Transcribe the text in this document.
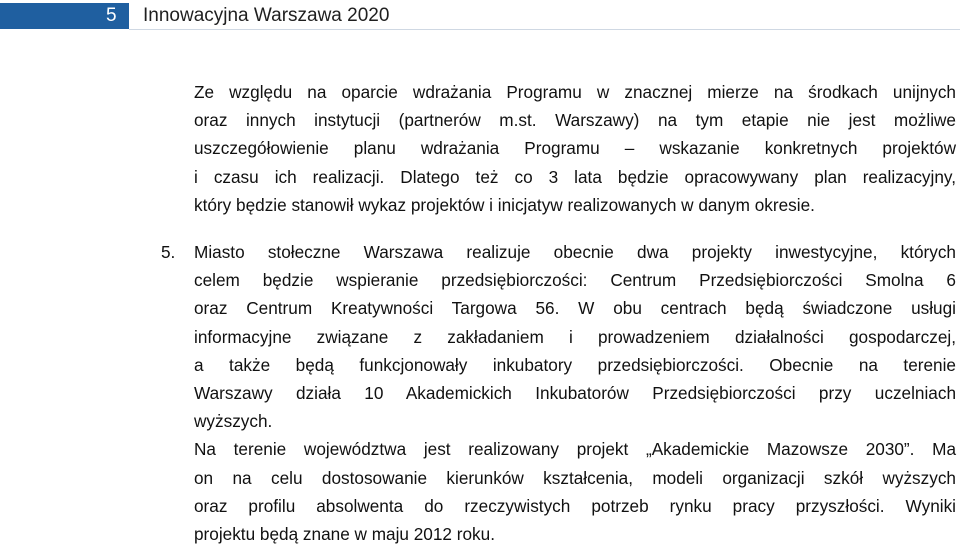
5 Innowacyjna Warszawa 2020

Ze względu na oparcie wdrażania Programu w znacznej mierze na środkach unijnych
oraz innych instytucji (partnerów m.st. Warszawy) na tym etapie nie jest możliwe
uszczegółowienie planu wdrażania Programu – wskazanie konkretnych projektów
i czasu ich realizacji. Dlatego też co 3 lata będzie opracowywany plan realizacyjny,
który będzie stanowił wykaz projektów i inicjatyw realizowanych w danym okresie.

5. Miasto stołeczne Warszawa realizuje obecnie dwa projekty inwestycyjne, których
celem będzie wspieranie przedsiębiorczości: Centrum Przedsiębiorczości Smolna 6
oraz Centrum Kreatywności Targowa 56. W obu centrach będą świadczone usługi
informacyjne związane z zakładaniem i prowadzeniem działalności gospodarczej,
a także będą funkcjonowały inkubatory przedsiębiorczości. Obecnie na terenie
Warszawy działa 10 Akademickich Inkubatorów Przedsiębiorczości przy uczelniach
wyższych.

Na terenie województwa jest realizowany projekt „Akademickie Mazowsze 2030”. Ma
on na celu dostosowanie kierunków kształcenia, modeli organizacji szkół wyższych
oraz profilu absolwenta do rzeczywistych potrzeb rynku pracy przyszłości. Wyniki
projektu będą znane w maju 2012 roku.
